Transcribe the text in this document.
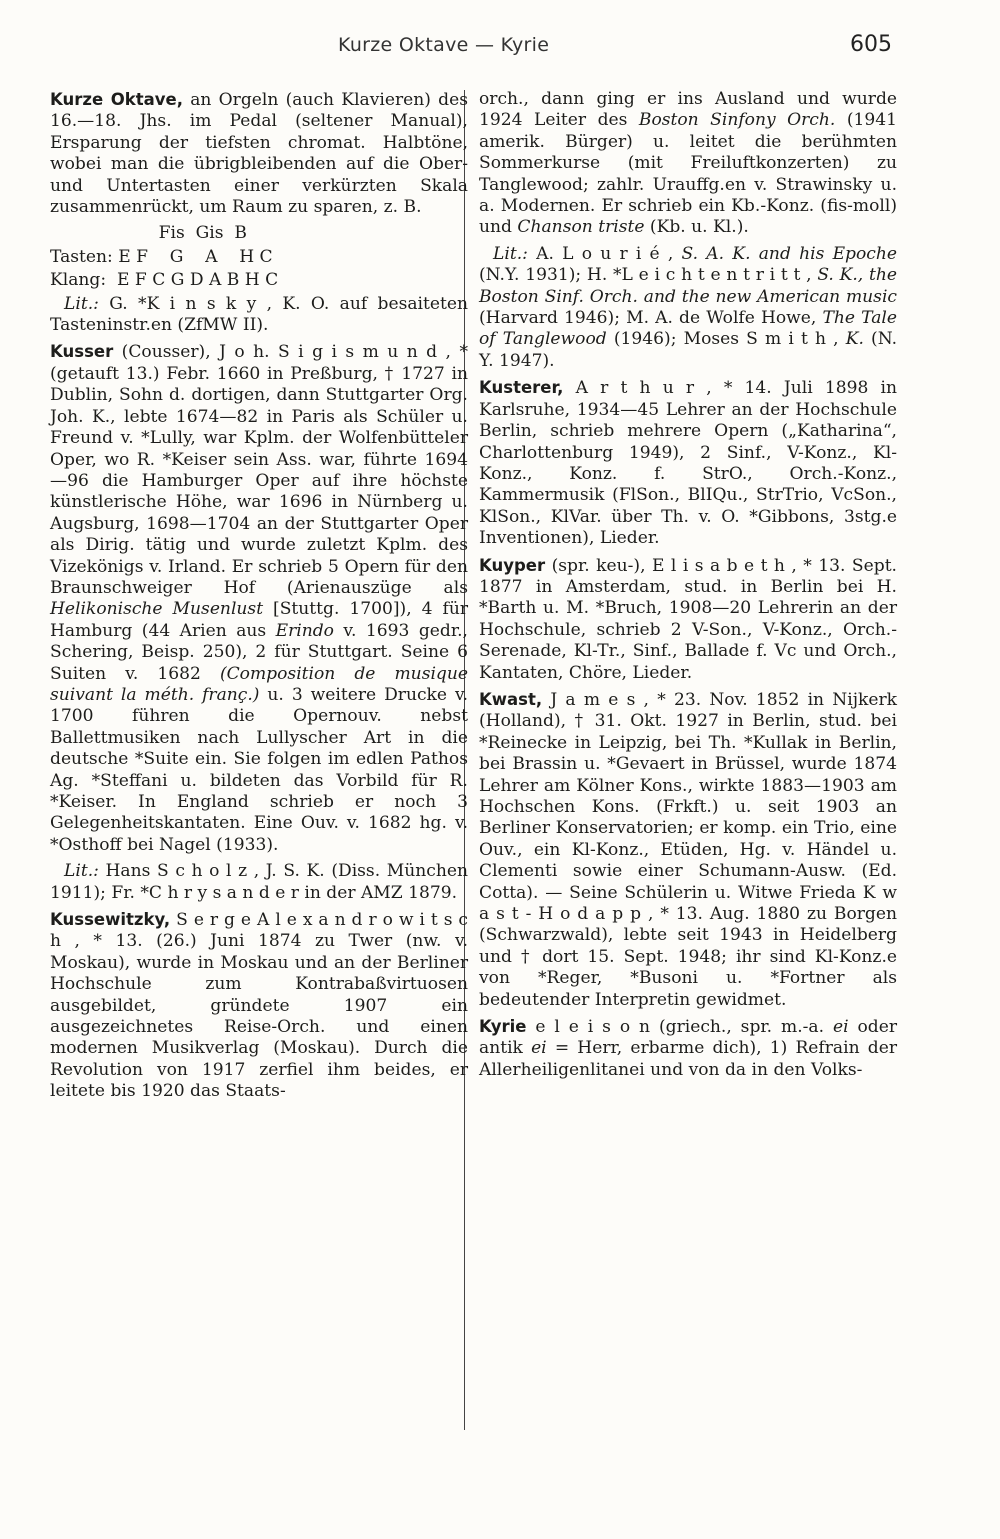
Kurze Oktave — Kyrie	605

Kurze Oktave, an Orgeln (auch Klavieren) des 16.—18. Jhs. im Pedal (seltener Manual), Ersparung der tiefsten chromat. Halbtöne, wobei man die übrigbleibenden auf die Ober- und Untertasten einer verkürzten Skala zusammenrückt, um Raum zu sparen, z. B.

Fis  Gis  B
Tasten: E F    G    A    H C
Klang:  E F C G D A B H C

Lit.: G. *K i n s k y , K. O. auf besaiteten Tasteninstr.en (ZfMW II).

Kusser (Cousser), J o h. S i g i s m u n d , * (getauft 13.) Febr. 1660 in Preßburg, † 1727 in Dublin, Sohn d. dortigen, dann Stuttgarter Org. Joh. K., lebte 1674—82 in Paris als Schüler u. Freund v. *Lully, war Kplm. der Wolfenbütteler Oper, wo R. *Keiser sein Ass. war, führte 1694—96 die Hamburger Oper auf ihre höchste künstlerische Höhe, war 1696 in Nürnberg u. Augsburg, 1698—1704 an der Stuttgarter Oper als Dirig. tätig und wurde zuletzt Kplm. des Vizekönigs v. Irland. Er schrieb 5 Opern für den Braunschweiger Hof (Arienauszüge als Helikonische Musenlust [Stuttg. 1700]), 4 für Hamburg (44 Arien aus Erindo v. 1693 gedr., Schering, Beisp. 250), 2 für Stuttgart. Seine 6 Suiten v. 1682 (Composition de musique suivant la méth. franç.) u. 3 weitere Drucke v. 1700 führen die Opernouv. nebst Ballettmusiken nach Lullyscher Art in die deutsche *Suite ein. Sie folgen im edlen Pathos Ag. *Steffani u. bildeten das Vorbild für R. *Keiser. In England schrieb er noch 3 Gelegenheitskantaten. Eine Ouv. v. 1682 hg. v. *Osthoff bei Nagel (1933).

Lit.: Hans S c h o l z , J. S. K. (Diss. München 1911); Fr. *C h r y s a n d e r in der AMZ 1879.

Kussewitzky, S e r g e A l e x a n d r o w i t s c h , * 13. (26.) Juni 1874 zu Twer (nw. v. Moskau), wurde in Moskau und an der Berliner Hochschule zum Kontrabaßvirtuosen ausgebildet, gründete 1907 ein ausgezeichnetes Reise-Orch. und einen modernen Musikverlag (Moskau). Durch die Revolution von 1917 zerfiel ihm beides, er leitete bis 1920 das Staats-

orch., dann ging er ins Ausland und wurde 1924 Leiter des Boston Sinfony Orch. (1941 amerik. Bürger) u. leitet die berühmten Sommerkurse (mit Freiluftkonzerten) zu Tanglewood; zahlr. Urauffg.en v. Strawinsky u. a. Modernen. Er schrieb ein Kb.-Konz. (fis-moll) und Chanson triste (Kb. u. Kl.).

Lit.: A. L o u r i é , S. A. K. and his Epoche (N.Y. 1931); H. *L e i c h t e n t r i t t , S. K., the Boston Sinf. Orch. and the new American music (Harvard 1946); M. A. de Wolfe Howe, The Tale of Tanglewood (1946); Moses S m i t h , K. (N. Y. 1947).

Kusterer, A r t h u r , * 14. Juli 1898 in Karlsruhe, 1934—45 Lehrer an der Hochschule Berlin, schrieb mehrere Opern („Katharina“, Charlottenburg 1949), 2 Sinf., V-Konz., Kl-Konz., Konz. f. StrO., Orch.-Konz., Kammermusik (FlSon., BlIQu., StrTrio, VcSon., KlSon., KlVar. über Th. v. O. *Gibbons, 3stg.e Inventionen), Lieder.

Kuyper (spr. keu-), E l i s a b e t h , * 13. Sept. 1877 in Amsterdam, stud. in Berlin bei H. *Barth u. M. *Bruch, 1908—20 Lehrerin an der Hochschule, schrieb 2 V-Son., V-Konz., Orch.-Serenade, Kl-Tr., Sinf., Ballade f. Vc und Orch., Kantaten, Chöre, Lieder.

Kwast, J a m e s , * 23. Nov. 1852 in Nijkerk (Holland), † 31. Okt. 1927 in Berlin, stud. bei *Reinecke in Leipzig, bei Th. *Kullak in Berlin, bei Brassin u. *Gevaert in Brüssel, wurde 1874 Lehrer am Kölner Kons., wirkte 1883—1903 am Hochschen Kons. (Frkft.) u. seit 1903 an Berliner Konservatorien; er komp. ein Trio, eine Ouv., ein Kl-Konz., Etüden, Hg. v. Händel u. Clementi sowie einer Schumann-Ausw. (Ed. Cotta). — Seine Schülerin u. Witwe Frieda K w a s t - H o d a p p , * 13. Aug. 1880 zu Borgen (Schwarzwald), lebte seit 1943 in Heidelberg und † dort 15. Sept. 1948; ihr sind Kl-Konz.e von *Reger, *Busoni u. *Fortner als bedeutender Interpretin gewidmet.

Kyrie e l e i s o n (griech., spr. m.-a. ei oder antik ei = Herr, erbarme dich), 1) Refrain der Allerheiligenlitanei und von da in den Volks-
